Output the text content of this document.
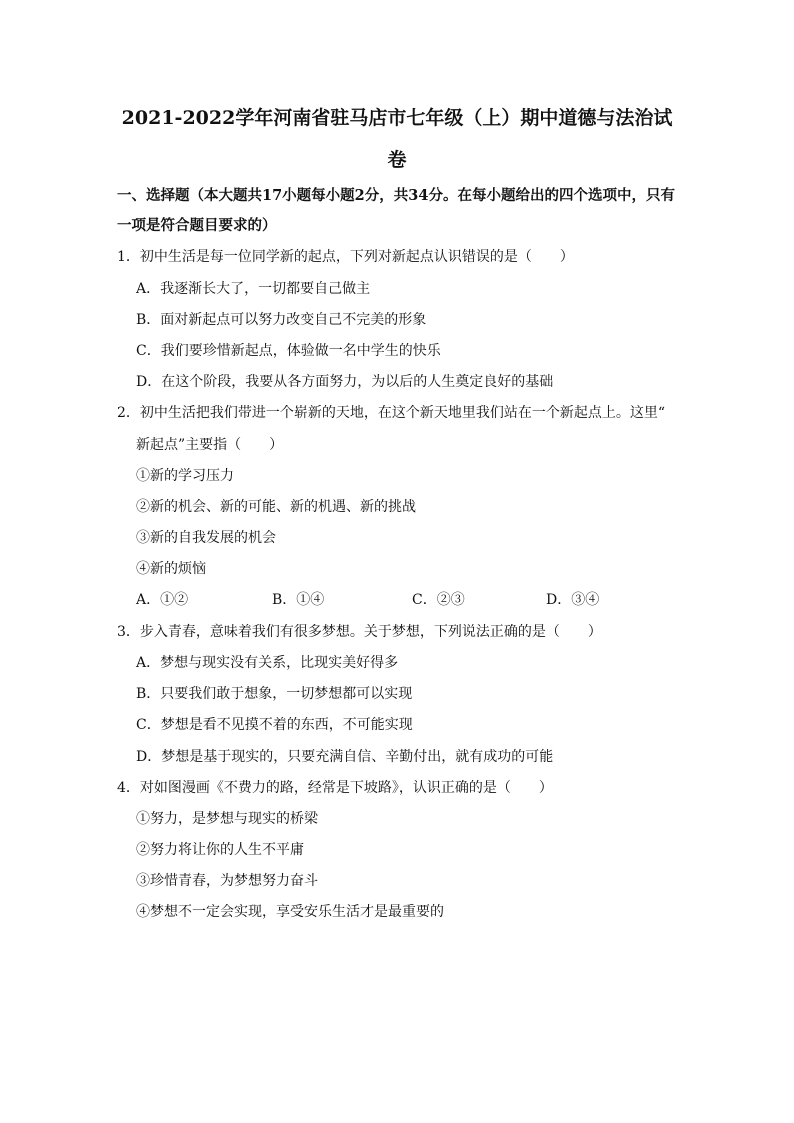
2021-2022学年河南省驻马店市七年级（上）期中道德与法治试
卷
一、选择题（本大题共17小题每小题2分，共34分。在每小题给出的四个选项中，只有
一项是符合题目要求的）
1．初中生活是每一位同学新的起点，下列对新起点认识错误的是（　　）
A．我逐渐长大了，一切都要自己做主
B．面对新起点可以努力改变自己不完美的形象
C．我们要珍惜新起点，体验做一名中学生的快乐
D．在这个阶段，我要从各方面努力，为以后的人生奠定良好的基础
2．初中生活把我们带进一个崭新的天地，在这个新天地里我们站在一个新起点上。这里“
新起点”主要指（　　）
①新的学习压力
②新的机会、新的可能、新的机遇、新的挑战
③新的自我发展的机会
④新的烦恼
A．①②	B．①④	C．②③	D．③④
3．步入青春，意味着我们有很多梦想。关于梦想，下列说法正确的是（　　）
A．梦想与现实没有关系，比现实美好得多
B．只要我们敢于想象，一切梦想都可以实现
C．梦想是看不见摸不着的东西，不可能实现
D．梦想是基于现实的，只要充满自信、辛勤付出，就有成功的可能
4．对如图漫画《不费力的路，经常是下坡路》，认识正确的是（　　）
①努力，是梦想与现实的桥梁
②努力将让你的人生不平庸
③珍惜青春，为梦想努力奋斗
④梦想不一定会实现，享受安乐生活才是最重要的
